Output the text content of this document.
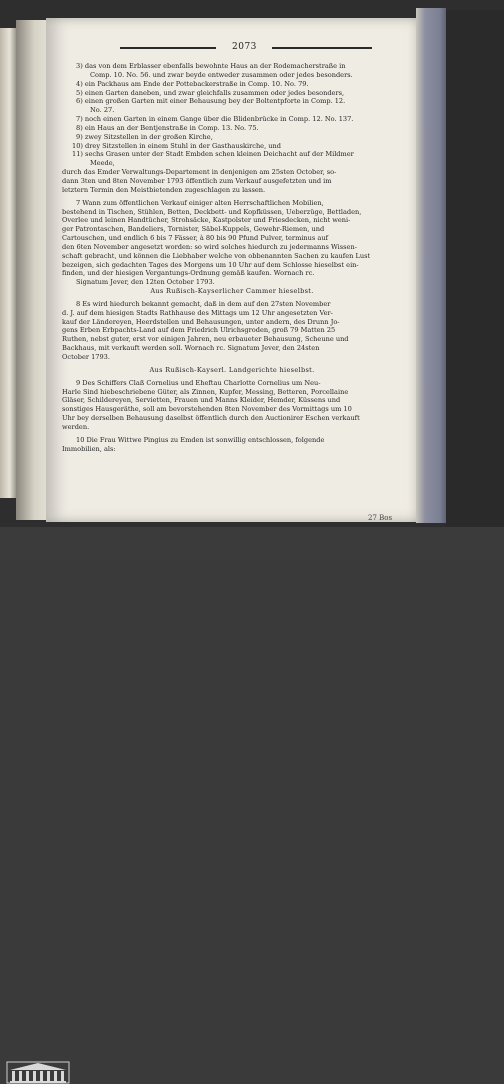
2073
3) das von dem Erblasser ebenfalls bewohnte Haus an der Rodemacherstraße in
Comp. 10. No. 56. und zwar beyde entweder zusammen oder jedes besonders.
4) ein Packhaus am Ende der Pottebackerstraße in Comp. 10. No. 79.
5) einen Garten daneben, und zwar gleichfalls zusammen oder jedes besonders,
6) einen großen Garten mit einer Behausung bey der Boltentpforte in Comp. 12.
No. 27.
7) noch einen Garten in einem Gange über die Blidenbrücke in Comp. 12. No. 137.
8) ein Haus an der Bentjenstraße in Comp. 13. No. 75.
9) zwey Sitzstellen in der großen Kirche,
10) drey Sitzstellen in einem Stuhl in der Gasthauskirche, und
11) sechs Grasen unter der Stadt Embden schen kleinen Deichacht auf der Mildmer
Meede,
durch das Emder Verwaltungs-Departement in denjenigen am 25sten October, so-
dann 3ten und 8ten November 1793 öffentlich zum Verkauf ausgefetzten und im
letztern Termin den Meistbietenden zugeschlagen zu lassen.
7 Wann zum öffentlichen Verkauf einiger alten Herrschaftlichen Mobilien,
bestehend in Tischen, Stühlen, Betten, Deckbett- und Kopfküssen, Ueberzüge, Bettladen,
Overlee und leinen Handtücher, Strohsäcke, Kastpolster und Friesdecken, nicht weni-
ger Patrontaschen, Bandeliers, Tornister, Säbel-Kuppels, Gewehr-Riemen, und
Cartouschen, und endlich 6 bis 7 Fässer, à 80 bis 90 Pfund Pulver, terminus auf
den 6ten November angesetzt worden: so wird solches hiedurch zu jedermanns Wissen-
schaft gebracht, und können die Liebhaber welche von obbenannten Sachen zu kaufen Lust
bezeigen, sich gedachten Tages des Morgens um 10 Uhr auf dem Schlosse hieselbst ein-
finden, und der hiesigen Vergantungs-Ordnung gemäß kaufen. Wornach rc.
Signatum Jever, den 12ten October 1793.
Aus Rußisch-Kayserlicher Cammer hieselbst.
8 Es wird hiedurch bekannt gemacht, daß in dem auf den 27sten November
d. J. auf dem hiesigen Stadts Rathhause des Mittags um 12 Uhr angesetzten Ver-
kauf der Ländereyen, Heerdstellen und Behausungen, unter andern, des Drunn Jo-
gens Erben Erbpachts-Land auf dem Friedrich Ulrichsgroden, groß 79 Matten 25
Ruthen, nebst guter, erst vor einigen Jahren, neu erbaueter Behausung, Scheune und
Backhaus, mit verkauft werden soll. Wornach rc. Signatum Jever, den 24sten
October 1793.
Aus Rußisch-Kayserl. Landgerichte hieselbst.
9 Des Schiffers Claß Cornelius und Eheftau Charlotte Cornelius um Neu-
Harle Sind hiebeschriebene Güter, als Zinnen, Kupfer, Messing, Betteren, Porcellaine
Gläser, Schildereyen, Servietten, Frauen und Manns Kleider, Hemder, Küssens und
sonstiges Hausgeräthe, soll am bevorstehenden 8ten November des Vormittags um 10
Uhr bey derselben Behausung daselbst öffentlich durch den Auctionirer Eschen verkauft
werden.
10 Die Frau Wittwe Pingius zu Emden ist sonwillig entschlossen, folgende
Immobilien, als:
27 Bos
